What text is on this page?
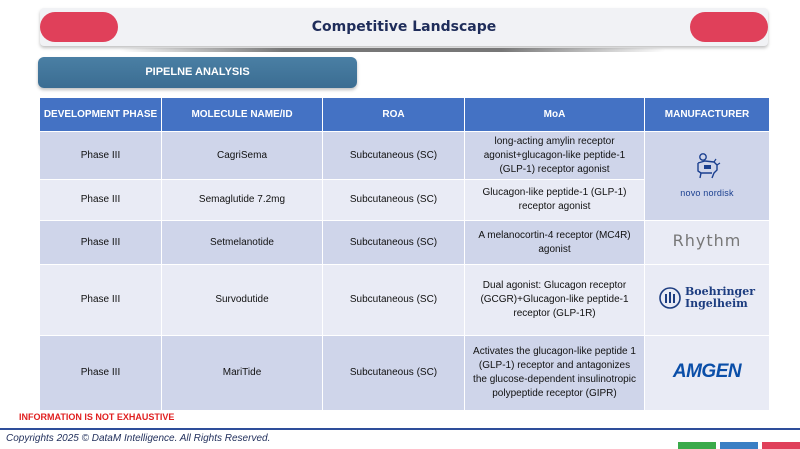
Competitive Landscape
PIPELNE ANALYSIS
DEVELOPMENT PHASE	MOLECULE NAME/ID	ROA	MoA	MANUFACTURER
Phase III	CagriSema	Subcutaneous (SC)	long-acting amylin receptor agonist+glucagon-like peptide-1 (GLP-1) receptor agonist	novo nordisk

Phase III	Semaglutide 7.2mg	Subcutaneous (SC)	Glucagon-like peptide-1 (GLP-1) receptor agonist	
Phase III	Setmelanotide	Subcutaneous (SC)	A melanocortin-4 receptor (MC4R) agonist	Rhythm
Phase III	Survodutide	Subcutaneous (SC)	Dual agonist: Glucagon receptor (GCGR)+Glucagon-like peptide-1 receptor (GLP-1R)	Boehringer
Ingelheim

Phase III	MariTide	Subcutaneous (SC)	Activates the glucagon-like peptide 1 (GLP-1) receptor and antagonizes the glucose-dependent insulinotropic polypeptide receptor (GIPR)	AMGEN
INFORMATION IS NOT EXHAUSTIVE
Copyrights 2025 © DataM Intelligence. All Rights Reserved.
